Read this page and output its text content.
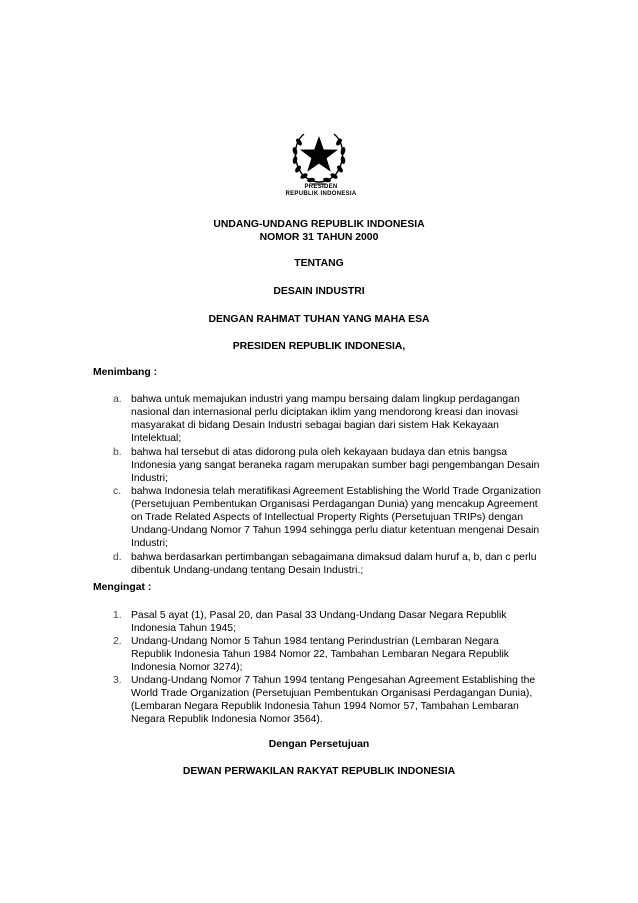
PRESIDEN
REPUBLIK INDONESIA
UNDANG-UNDANG REPUBLIK INDONESIA
NOMOR 31 TAHUN 2000
TENTANG
DESAIN INDUSTRI
DENGAN RAHMAT TUHAN YANG MAHA ESA
PRESIDEN REPUBLIK INDONESIA,
Menimbang :
a. bahwa untuk memajukan industri yang mampu bersaing dalam lingkup perdagangan
nasional dan internasional perlu diciptakan iklim yang mendorong kreasi dan inovasi
masyarakat di bidang Desain Industri sebagai bagian dari sistem Hak Kekayaan
Intelektual;
b. bahwa hal tersebut di atas didorong pula oleh kekayaan budaya dan etnis bangsa
Indonesia yang sangat beraneka ragam merupakan sumber bagi pengembangan Desain
Industri;
c. bahwa Indonesia telah meratifikasi Agreement Establishing the World Trade Organization
(Persetujuan Pembentukan Organisasi Perdagangan Dunia) yang mencakup Agreement
on Trade Related Aspects of Intellectual Property Rights (Persetujuan TRIPs) dengan
Undang-Undang Nomor 7 Tahun 1994 sehingga perlu diatur ketentuan mengenai Desain
Industri;
d. bahwa berdasarkan pertimbangan sebagaimana dimaksud dalam huruf a, b, dan c perlu
dibentuk Undang-undang tentang Desain Industri.;
Mengingat :
1. Pasal 5 ayat (1), Pasal 20, dan Pasal 33 Undang-Undang Dasar Negara Republik
Indonesia Tahun 1945;
2. Undang-Undang Nomor 5 Tahun 1984 tentang Perindustrian (Lembaran Negara
Republik Indonesia Tahun 1984 Nomor 22, Tambahan Lembaran Negara Republik
Indonesia Nomor 3274);
3. Undang-Undang Nomor 7 Tahun 1994 tentang Pengesahan Agreement Establishing the
World Trade Organization (Persetujuan Pembentukan Organisasi Perdagangan Dunia),
(Lembaran Negara Republik Indonesia Tahun 1994 Nomor 57, Tambahan Lembaran
Negara Republik Indonesia Nomor 3564).
Dengan Persetujuan
DEWAN PERWAKILAN RAKYAT REPUBLIK INDONESIA
